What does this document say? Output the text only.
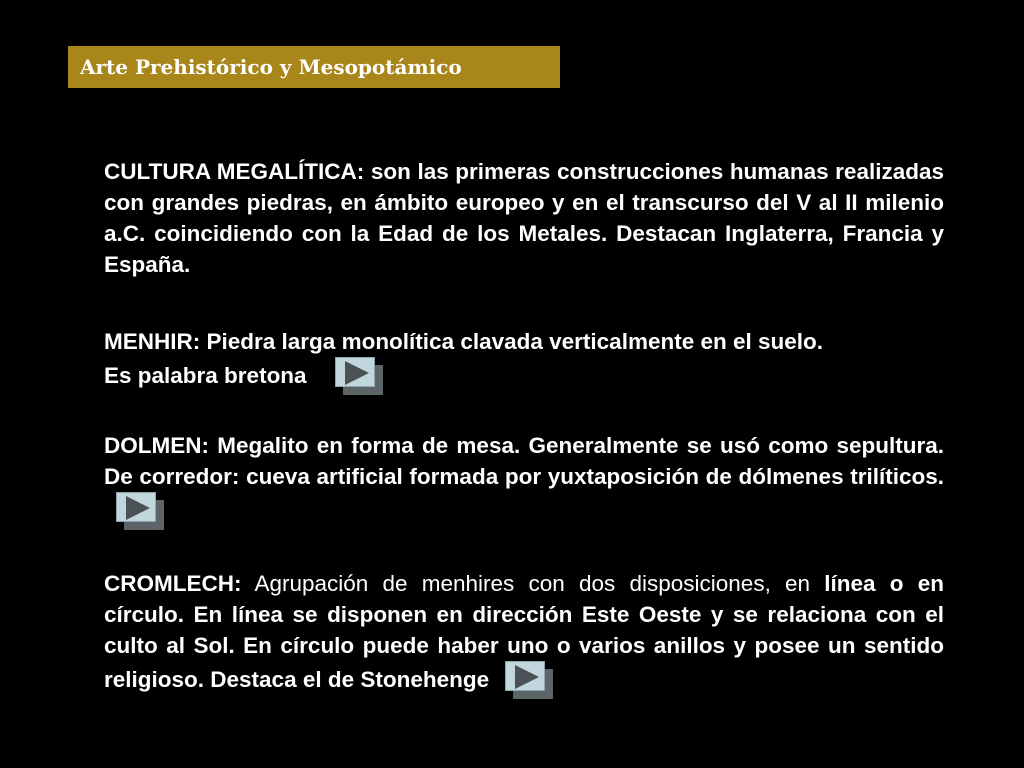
Arte Prehistórico y Mesopotámico

CULTURA MEGALÍTICA: son las primeras construcciones humanas realizadas con grandes piedras, en ámbito europeo y en el transcurso del V al II milenio a.C. coincidiendo con la Edad de los Metales. Destacan Inglaterra, Francia y España.

MENHIR: Piedra larga monolítica clavada verticalmente en el suelo.
Es palabra bretona

DOLMEN: Megalito en forma de mesa. Generalmente se usó como sepultura. De corredor: cueva artificial formada por yuxtaposición de dólmenes trilíticos.

CROMLECH: Agrupación de menhires con dos disposiciones, en línea o en círculo. En línea se disponen en dirección Este Oeste y se relaciona con el culto al Sol. En círculo puede haber uno o varios anillos y posee un sentido religioso. Destaca el de Stonehenge
